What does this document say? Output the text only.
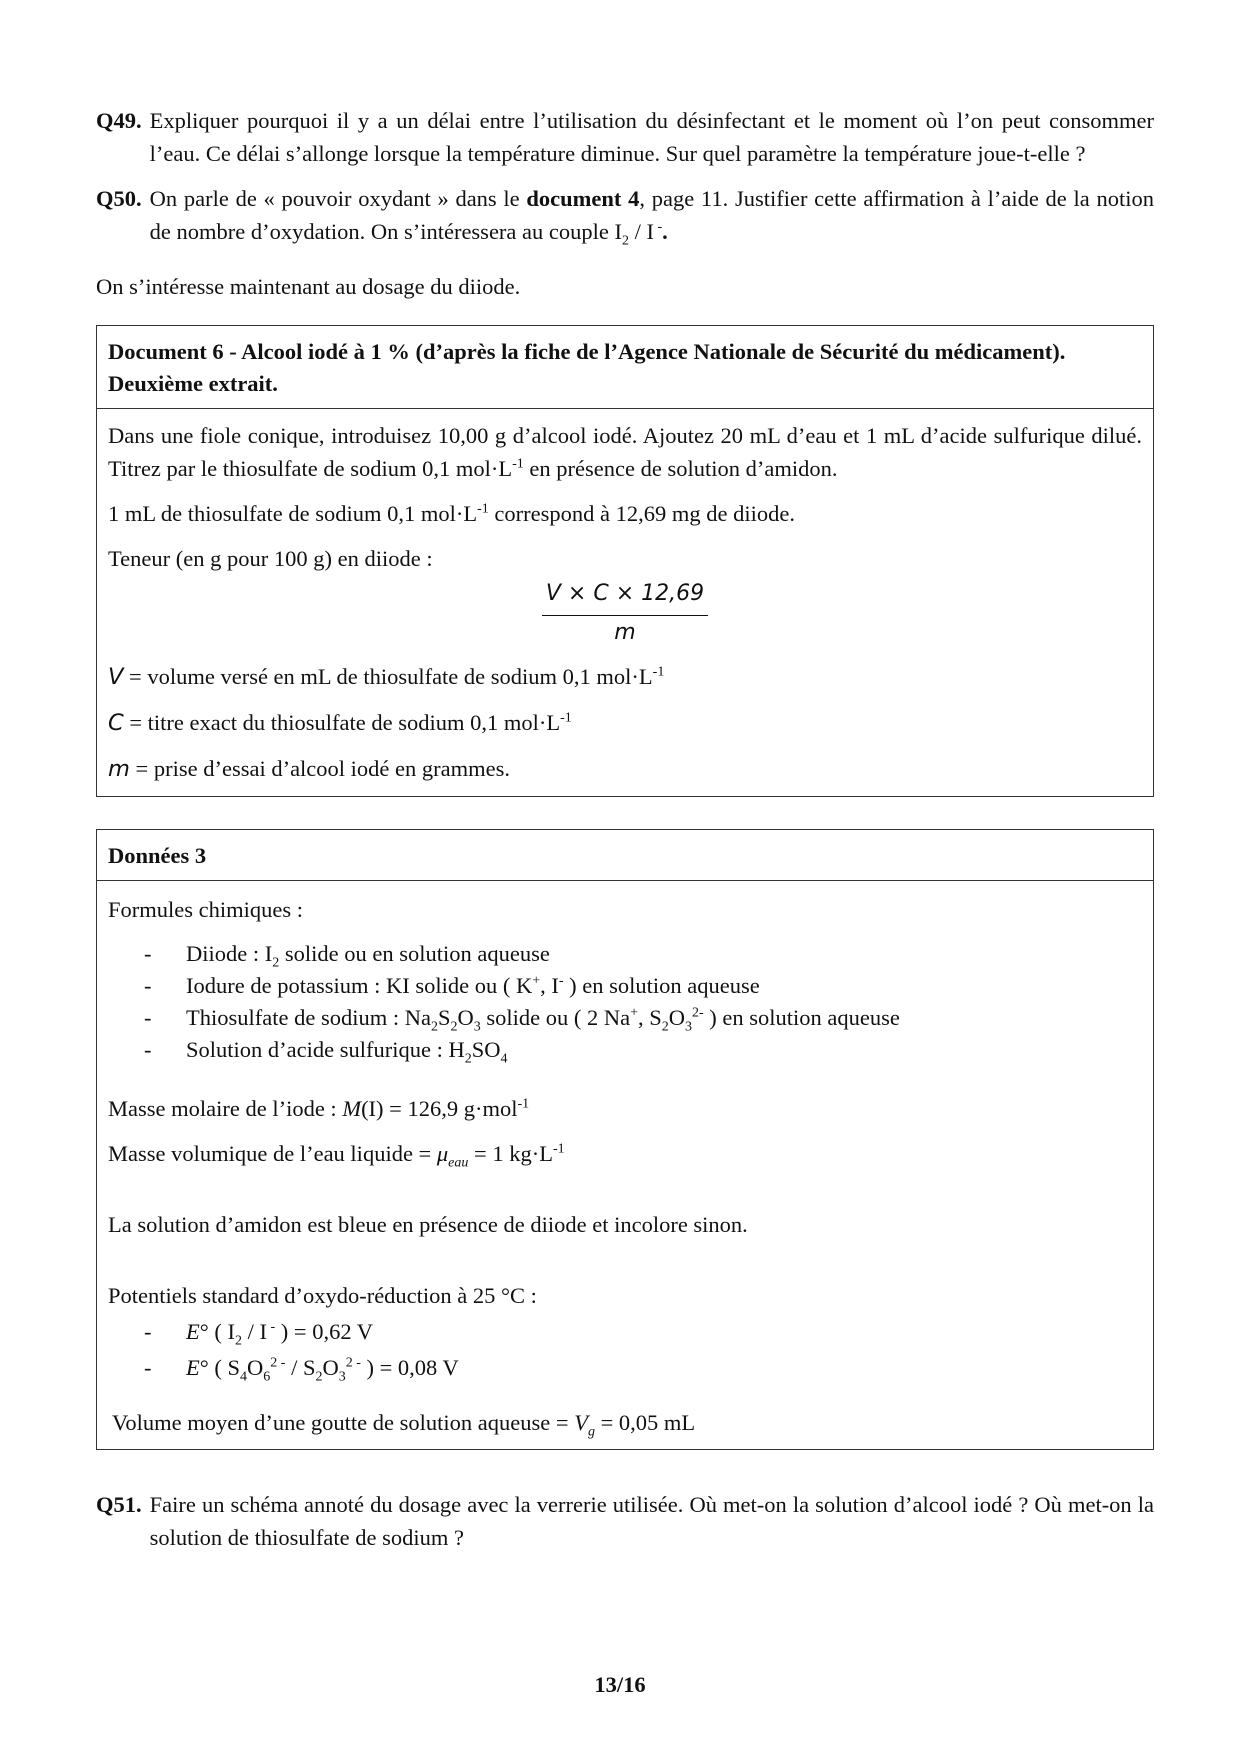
Q49. Expliquer pourquoi il y a un délai entre l’utilisation du désinfectant et le moment où l’on peut consommer l’eau. Ce délai s’allonge lorsque la température diminue. Sur quel paramètre la température joue-t-elle ?
Q50. On parle de « pouvoir oxydant » dans le document 4, page 11. Justifier cette affirmation à l’aide de la notion de nombre d’oxydation. On s’intéressera au couple $I_2$ / I -.
On s’intéresse maintenant au dosage du diiode.
Document 6 - Alcool iodé à 1 % (d’après la fiche de l’Agence Nationale de Sécurité du médicament). Deuxième extrait.

Dans une fiole conique, introduisez 10,00 g d’alcool iodé. Ajoutez 20 mL d’eau et 1 mL d’acide sulfurique dilué. Titrez par le thiosulfate de sodium 0,1 $mol\cdot L^{-1}$ en présence de solution d’amidon.

1 mL de thiosulfate de sodium 0,1 $mol\cdot L^{-1}$ correspond à 12,69 mg de diiode.

Teneur (en g pour 100 g) en diiode :

V × C × 12,69
m

V = volume versé en mL de thiosulfate de sodium 0,1 $mol\cdot L^{-1}$

C = titre exact du thiosulfate de sodium 0,1 $mol\cdot L^{-1}$

m = prise d’essai d’alcool iodé en grammes.

Données 3

Formules chimiques :

- Diiode : $I_2$ solide ou en solution aqueuse
- Iodure de potassium : KI solide ou ( K+, I- ) en solution aqueuse
- Thiosulfate de sodium : $Na_2S_2O_3$ solide ou ( 2 Na+, $S_2O_3^{2-}$ ) en solution aqueuse
- Solution d’acide sulfurique : $H_2SO_4$

Masse molaire de l’iode : M(I) = 126,9 g·mol$^{-1}$

Masse volumique de l’eau liquide = $\mu_{eau} = 1$ $kg\cdot L^{-1}$

La solution d’amidon est bleue en présence de diiode et incolore sinon.

Potentiels standard d’oxydo-réduction à 25 °C :

- E° ( $I_2$ / I - ) = 0,62 V
- E° ( $S_4O_6^{2 -} / S_2O_3^{2 -}$ ) = 0,08 V

Volume moyen d’une goutte de solution aqueuse = $V_g = 0,05$ mL

Q51. Faire un schéma annoté du dosage avec la verrerie utilisée. Où met-on la solution d’alcool iodé ? Où met-on la solution de thiosulfate de sodium ?
13/16
